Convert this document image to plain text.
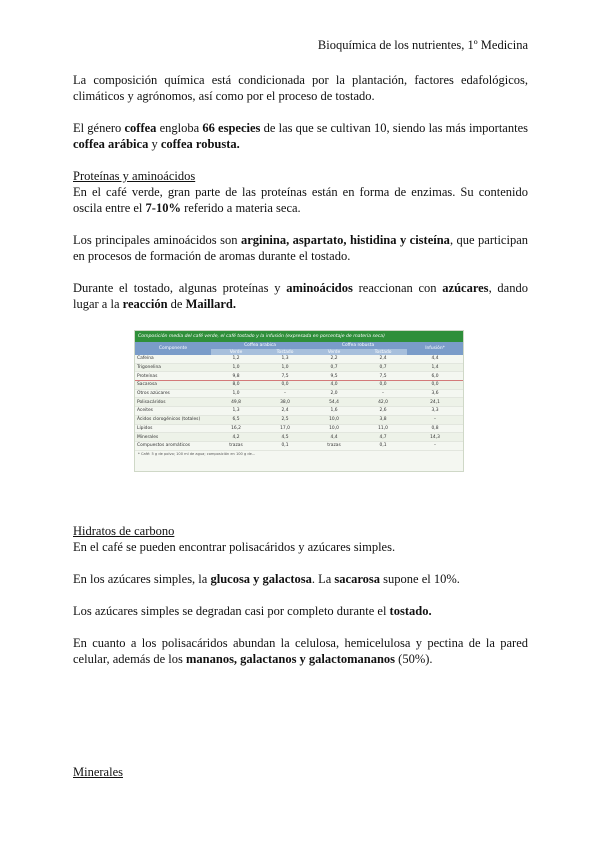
Bioquímica de los nutrientes, 1º Medicina

La composición química está condicionada por la plantación, factores edafológicos, climáticos y agrónomos, así como por el proceso de tostado.

El género coffea engloba 66 especies de las que se cultivan 10, siendo las más importantes coffea arábica y coffea robusta.

Proteínas y aminoácidos

En el café verde, gran parte de las proteínas están en forma de enzimas. Su contenido oscila entre el 7-10% referido a materia seca.

Los principales aminoácidos son arginina, aspartato, histidina y cisteína, que participan en procesos de formación de aromas durante el tostado.

Durante el tostado, algunas proteínas y aminoácidos reaccionan con azúcares, dando lugar a la reacción de Maillard.

Composición media del café verde, el café tostado y la infusión (expresada en porcentaje de materia seca)
Componente	Coffea arabica		Coffea robusta		Infusión*
	Verde	Tostado	Verde	Tostado	
Cafeína	1,2	1,3	2,2	2,4	4,4
Trigonelina	1,0	1,0	0,7	0,7	1,4
Proteínas	9,8	7,5	9,5	7,5	6,0
Sacarosa	8,0	0,0	4,0	0,0	0,0
Otros azúcares	1,0	–	2,0	–	3,6
Polisacáridos	49,8	38,0	54,4	42,0	24,1
Aceites	1,3	2,4	1,6	2,6	3,3
Ácidos clorogénicos (totales)	6,5	2,5	10,0	3,8	–
Lípidos	16,2	17,0	10,0	11,0	0,8
Minerales	4,2	4,5	4,4	4,7	14,3
Compuestos aromáticos	trazas	0,1	trazas	0,1	–
* Café: 5 g de polvo; 100 ml de agua; composición en 100 g de...
Hidratos de carbono

En el café se pueden encontrar polisacáridos y azúcares simples.

En los azúcares simples, la glucosa y galactosa. La sacarosa supone el 10%.

Los azúcares simples se degradan casi por completo durante el tostado.

En cuanto a los polisacáridos abundan la celulosa, hemicelulosa y pectina de la pared celular, además de los mananos, galactanos y galactomananos (50%).

Minerales
